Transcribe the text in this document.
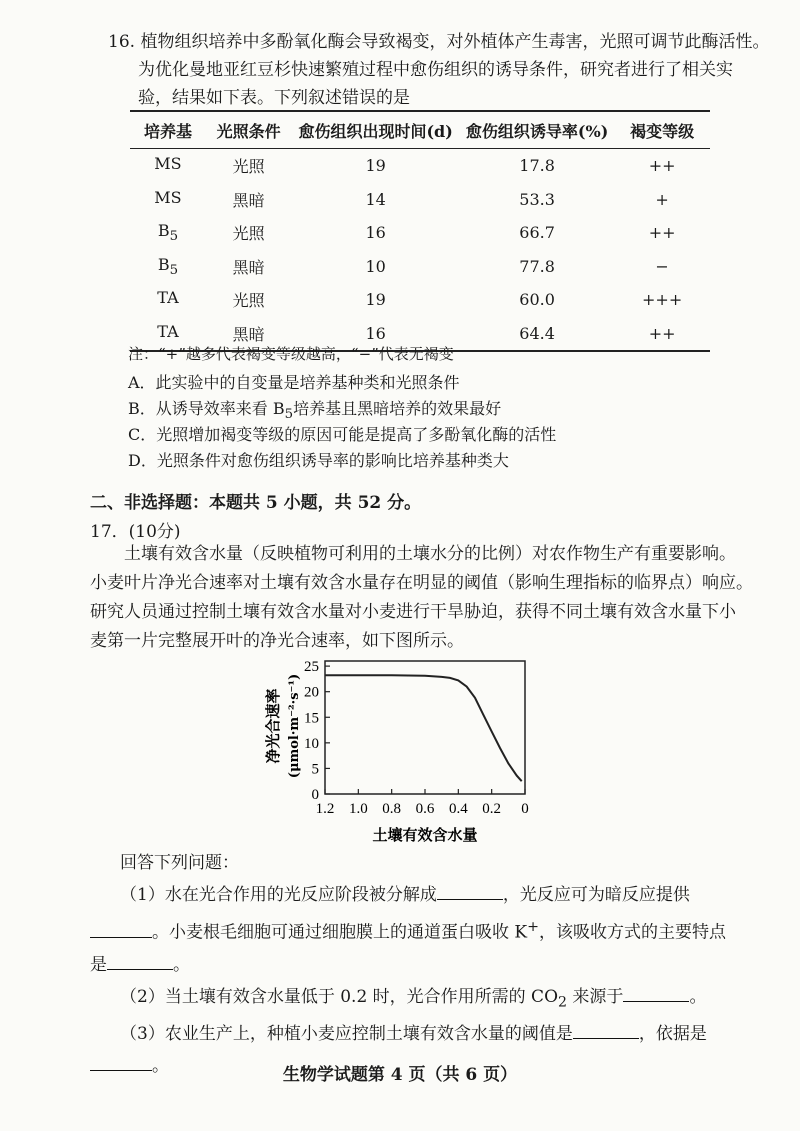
16. 植物组织培养中多酚氧化酶会导致褐变，对外植体产生毒害，光照可调节此酶活性。
为优化曼地亚红豆杉快速繁殖过程中愈伤组织的诱导条件，研究者进行了相关实
验，结果如下表。下列叙述错误的是
培养基	光照条件	愈伤组织出现时间(d)	愈伤组织诱导率(%)	褐变等级
MS	光照	19	17.8	++
MS	黑暗	14	53.3	+
$B_5$	光照	16	66.7	++
$B_5$	黑暗	10	77.8	−
TA	光照	19	60.0	+++
TA	黑暗	16	64.4	++
注：“+”越多代表褐变等级越高，“−”代表无褐变
A．此实验中的自变量是培养基种类和光照条件
B．从诱导效率来看 $B_5$培养基且黑暗培养的效果最好
C．光照增加褐变等级的原因可能是提高了多酚氧化酶的活性
D．光照条件对愈伤组织诱导率的影响比培养基种类大
二、非选择题：本题共 5 小题，共 52 分。
17．(10分)
土壤有效含水量（反映植物可利用的土壤水分的比例）对农作物生产有重要影响。
小麦叶片净光合速率对土壤有效含水量存在明显的阈值（影响生理指标的临界点）响应。
研究人员通过控制土壤有效含水量对小麦进行干旱胁迫，获得不同土壤有效含水量下小
麦第一片完整展开叶的净光合速率，如下图所示。
0
5
10
15
20
25
1.2 1.0 0.8 0.6 0.4 0.2 0
净光合速率 (μmol·m⁻²·s⁻¹)
土壤有效含水量
回答下列问题：
（1）水在光合作用的光反应阶段被分解成	，光反应可为暗反应提供
。小麦根毛细胞可通过细胞膜上的通道蛋白吸收 K+，该吸收方式的主要特点
是	。
（2）当土壤有效含水量低于 0.2 时，光合作用所需的 $CO_2$ 来源于	。
（3）农业生产上，种植小麦应控制土壤有效含水量的阈值是	，依据是
。	生物学试题第 4 页（共 6 页）
